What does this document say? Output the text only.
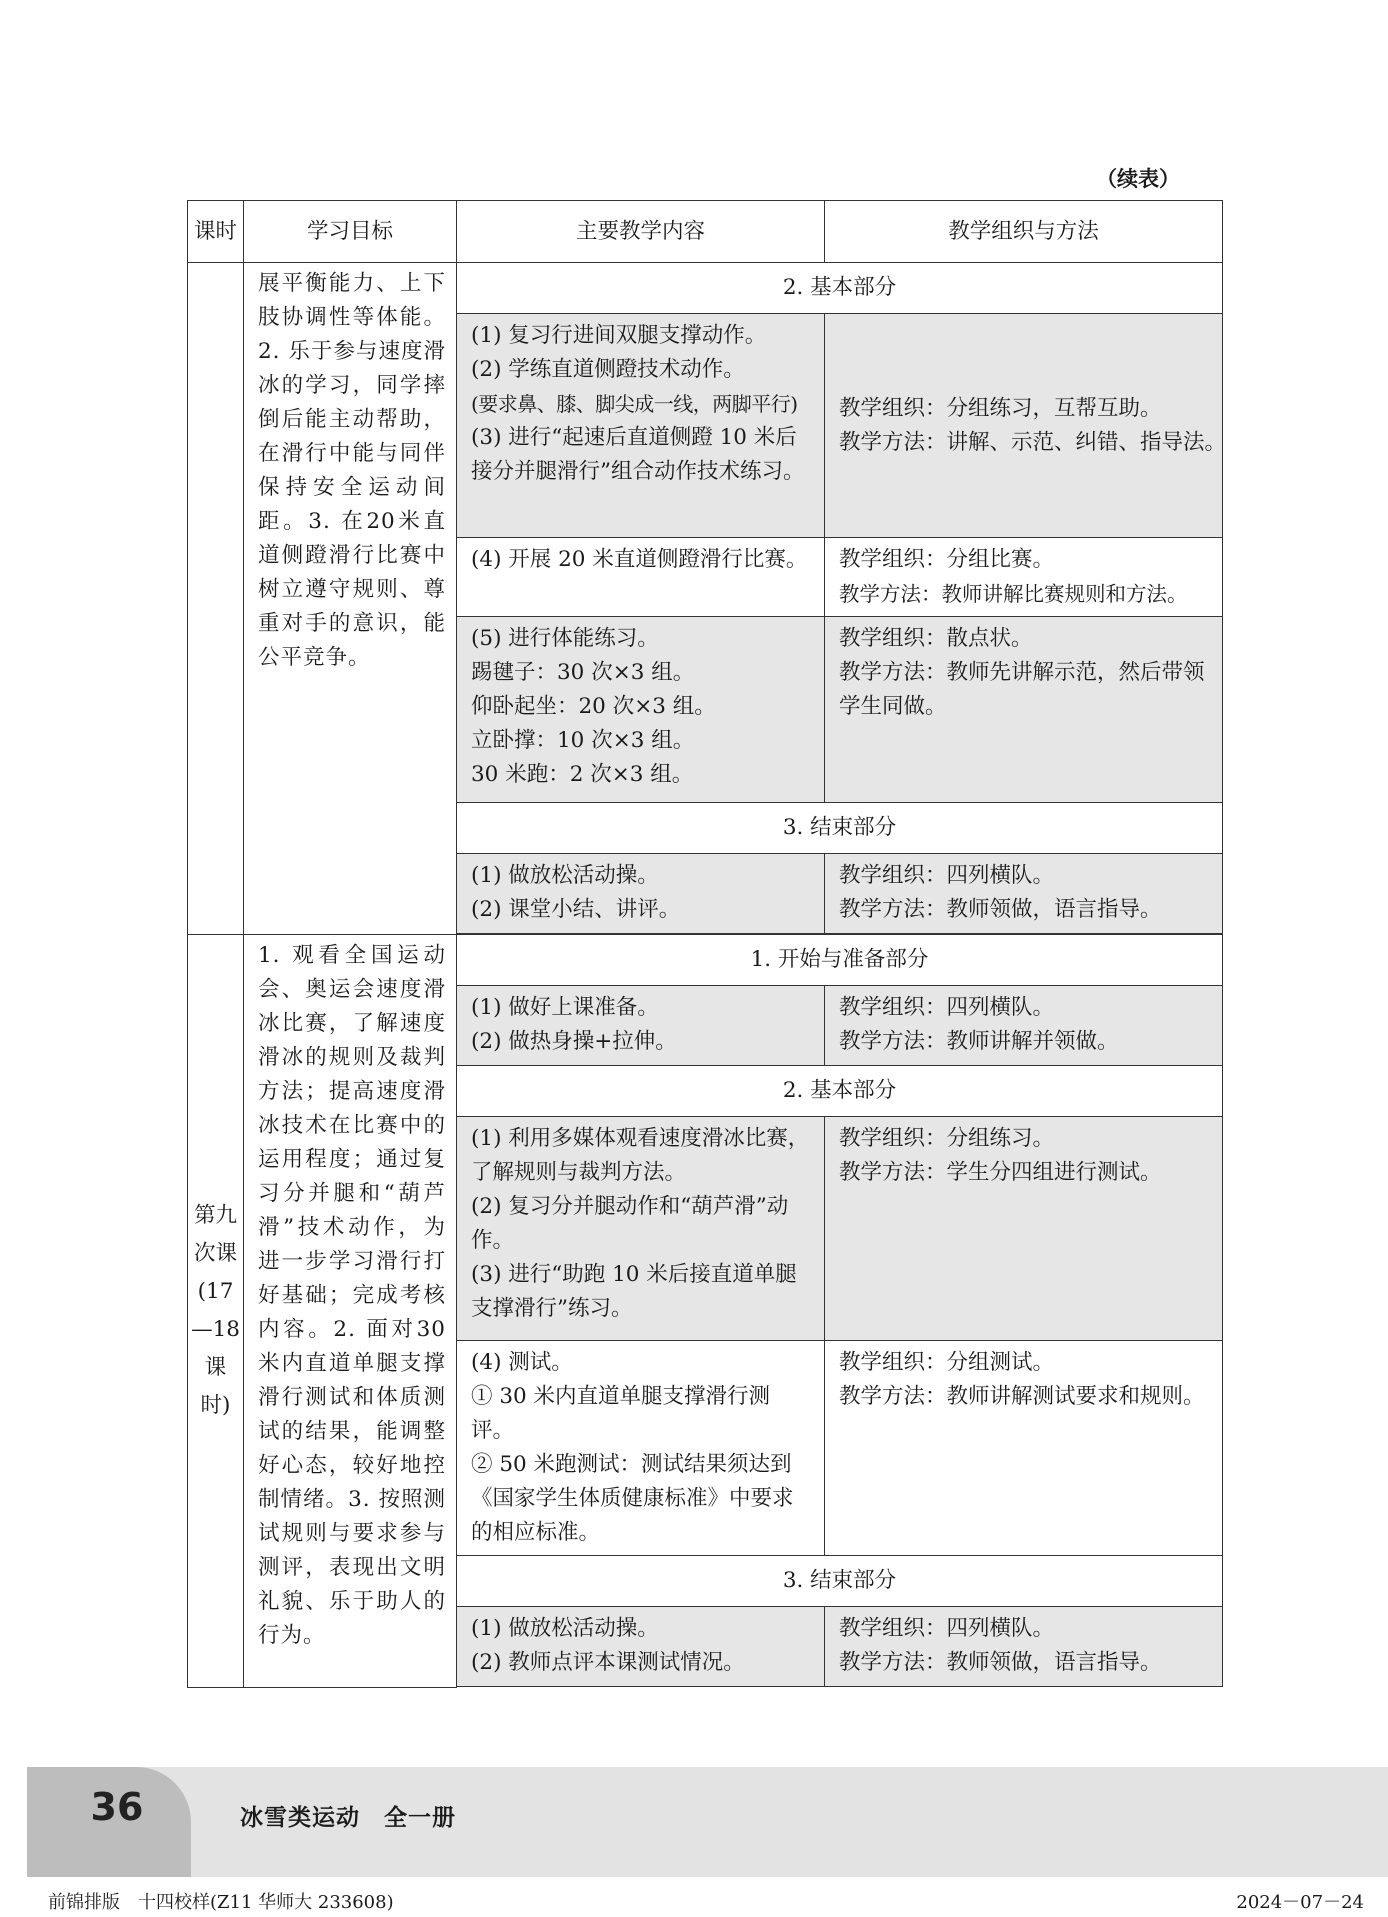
（续表）
课时	学习目标	主要教学内容	教学组织与方法
	展平衡能力、上下肢协调性等体能。2. 乐于参与速度滑冰的学习，同学摔倒后能主动帮助，在滑行中能与同伴保持安全运动间距。3. 在20米直道侧蹬滑行比赛中树立遵守规则、尊重对手的意识，能公平竞争。	2. 基本部分	

		(1) 复习行进间双腿支撑动作。
(2) 学练直道侧蹬技术动作。
(要求鼻、膝、脚尖成一线，两脚平行)
(3) 进行“起速后直道侧蹬 10 米后接分并腿滑行”组合动作技术练习。	教学组织：分组练习，互帮互助。
教学方法：讲解、示范、纠错、指导法。

		(4) 开展 20 米直道侧蹬滑行比赛。	教学组织：分组比赛。
教学方法：教师讲解比赛规则和方法。

		(5) 进行体能练习。
踢毽子：30 次×3 组。
仰卧起坐：20 次×3 组。
立卧撑：10 次×3 组。
30 米跑：2 次×3 组。	教学组织：散点状。
教学方法：教师先讲解示范，然后带领学生同做。

		3. 结束部分	

		(1) 做放松活动操。
(2) 课堂小结、讲评。	教学组织：四列横队。
教学方法：教师领做，语言指导。

第九次课(17—18 课时)	1. 观看全国运动会、奥运会速度滑冰比赛，了解速度滑冰的规则及裁判方法；提高速度滑冰技术在比赛中的运用程度；通过复习分并腿和“葫芦滑”技术动作，为进一步学习滑行打好基础；完成考核内容。2. 面对30米内直道单腿支撑滑行测试和体质测试的结果，能调整好心态，较好地控制情绪。3. 按照测试规则与要求参与测评，表现出文明礼貌、乐于助人的行为。	1. 开始与准备部分	

		(1) 做好上课准备。
(2) 做热身操+拉伸。	教学组织：四列横队。
教学方法：教师讲解并领做。

		2. 基本部分	

		(1) 利用多媒体观看速度滑冰比赛，了解规则与裁判方法。
(2) 复习分并腿动作和“葫芦滑”动作。
(3) 进行“助跑 10 米后接直道单腿支撑滑行”练习。	教学组织：分组练习。
教学方法：学生分四组进行测试。

		(4) 测试。
① 30 米内直道单腿支撑滑行测评。
② 50 米跑测试：测试结果须达到《国家学生体质健康标准》中要求的相应标准。	教学组织：分组测试。
教学方法：教师讲解测试要求和规则。

		3. 结束部分	

		(1) 做放松活动操。
(2) 教师点评本课测试情况。	教学组织：四列横队。
教学方法：教师领做，语言指导。

36	冰雪类运动　全一册
前锦排版　十四校样(Z11 华师大 233608)	2024－07－24
